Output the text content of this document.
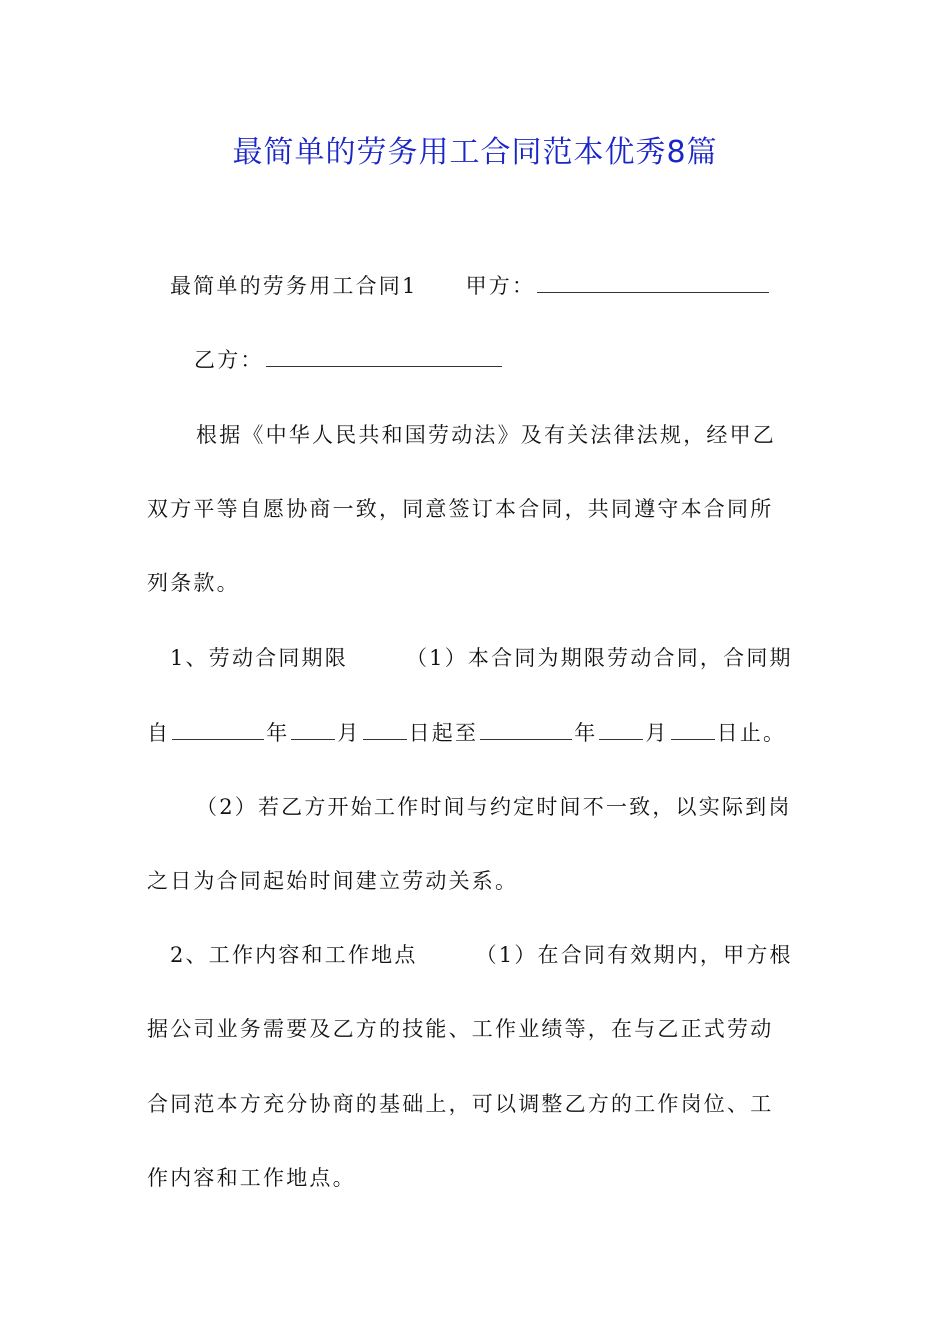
最简单的劳务用工合同范本优秀8篇
最简单的劳务用工合同1 甲方：
乙方：
根据《中华人民共和国劳动法》及有关法律法规，经甲乙
双方平等自愿协商一致，同意签订本合同，共同遵守本合同所
列条款。
1、劳动合同期限	（1）本合同为期限劳动合同，合同期
自	年 月 日起至	年 月 日止。
（2）若乙方开始工作时间与约定时间不一致，以实际到岗
之日为合同起始时间建立劳动关系。
2、工作内容和工作地点	（1）在合同有效期内，甲方根
据公司业务需要及乙方的技能、工作业绩等，在与乙正式劳动
合同范本方充分协商的基础上，可以调整乙方的工作岗位、工
作内容和工作地点。
